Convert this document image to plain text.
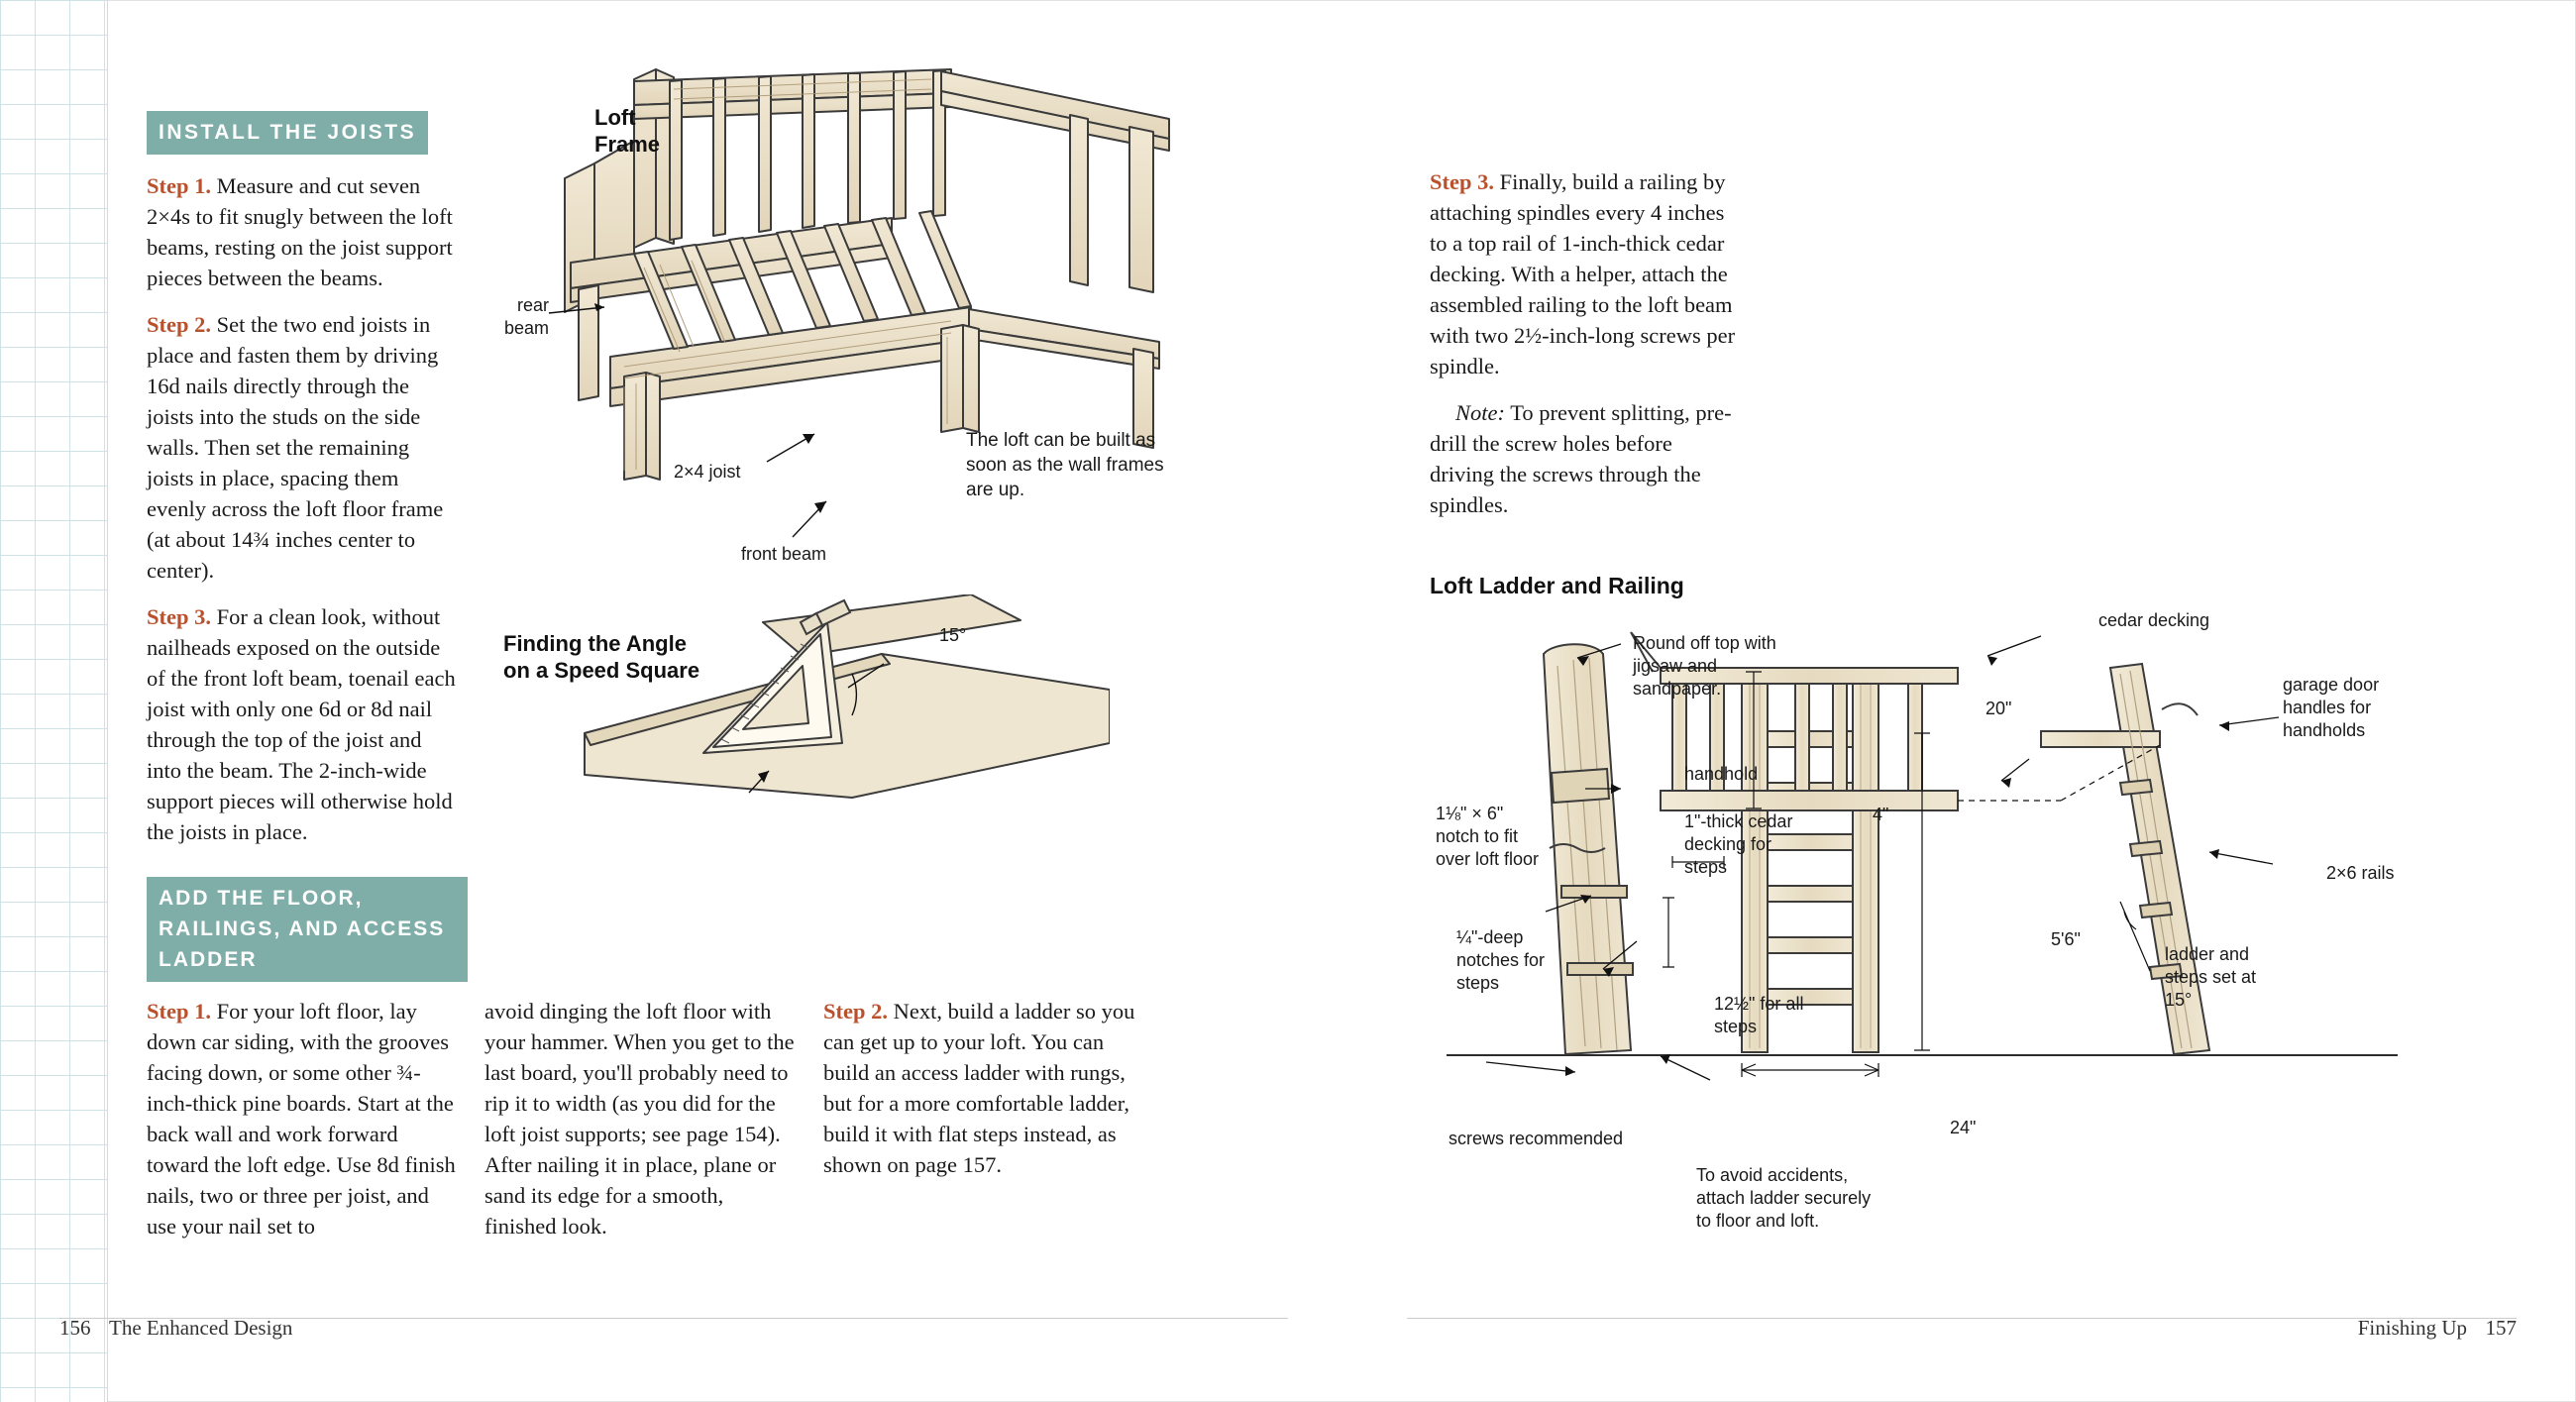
INSTALL THE JOISTS

Step 1. Measure and cut seven 2×4s to fit snugly between the loft beams, resting on the joist support pieces between the beams.

Step 2. Set the two end joists in place and fasten them by driving 16d nails directly through the joists into the studs on the side walls. Then set the remaining joists in place, spacing them evenly across the loft floor frame (at about 14¾ inches center to center).

Step 3. For a clean look, without nailheads exposed on the outside of the front loft beam, toenail each joist with only one 6d or 8d nail through the top of the joist and into the beam. The 2-inch-wide support pieces will otherwise hold the joists in place.

ADD THE FLOOR, RAILINGS, AND ACCESS LADDER

Step 1. For your loft floor, lay down car siding, with the grooves facing down, or some other ¾-inch-thick pine boards. Start at the back wall and work forward toward the loft edge. Use 8d finish nails, two or three per joist, and use your nail set to

avoid dinging the loft floor with your hammer. When you get to the last board, you'll probably need to rip it to width (as you did for the loft joist supports; see page 154). After nailing it in place, plane or sand its edge for a smooth, finished look.

Step 2. Next, build a ladder so you can get up to your loft. You can build an access ladder with rungs, but for a more comfortable ladder, build it with flat steps instead, as shown on page 157.

Loft
Frame
rear
beam
2×4 joist
front beam
The loft can be built as soon as the wall frames are up.
Finding the Angle
on a Speed Square
15°

Step 3. Finally, build a railing by attaching spindles every 4 inches to a top rail of 1-inch-thick cedar decking. With a helper, attach the assembled railing to the loft beam with two 2½-inch-long screws per spindle.

Note: To prevent splitting, pre-drill the screw holes before driving the screws through the spindles.

Loft Ladder and Railing
Round off top with jigsaw and sandpaper.
cedar decking
garage door handles for handholds
handhold
1⅛" × 6" notch to fit over loft floor
1"-thick cedar decking for steps
¼"-deep notches for steps
2×6 rails
ladder and steps set at 15°
screws recommended
To avoid accidents, attach ladder securely to floor and loft.
20"
4"
5'6"
24"
12½" for all steps
156 The Enhanced Design	Finishing Up 157
